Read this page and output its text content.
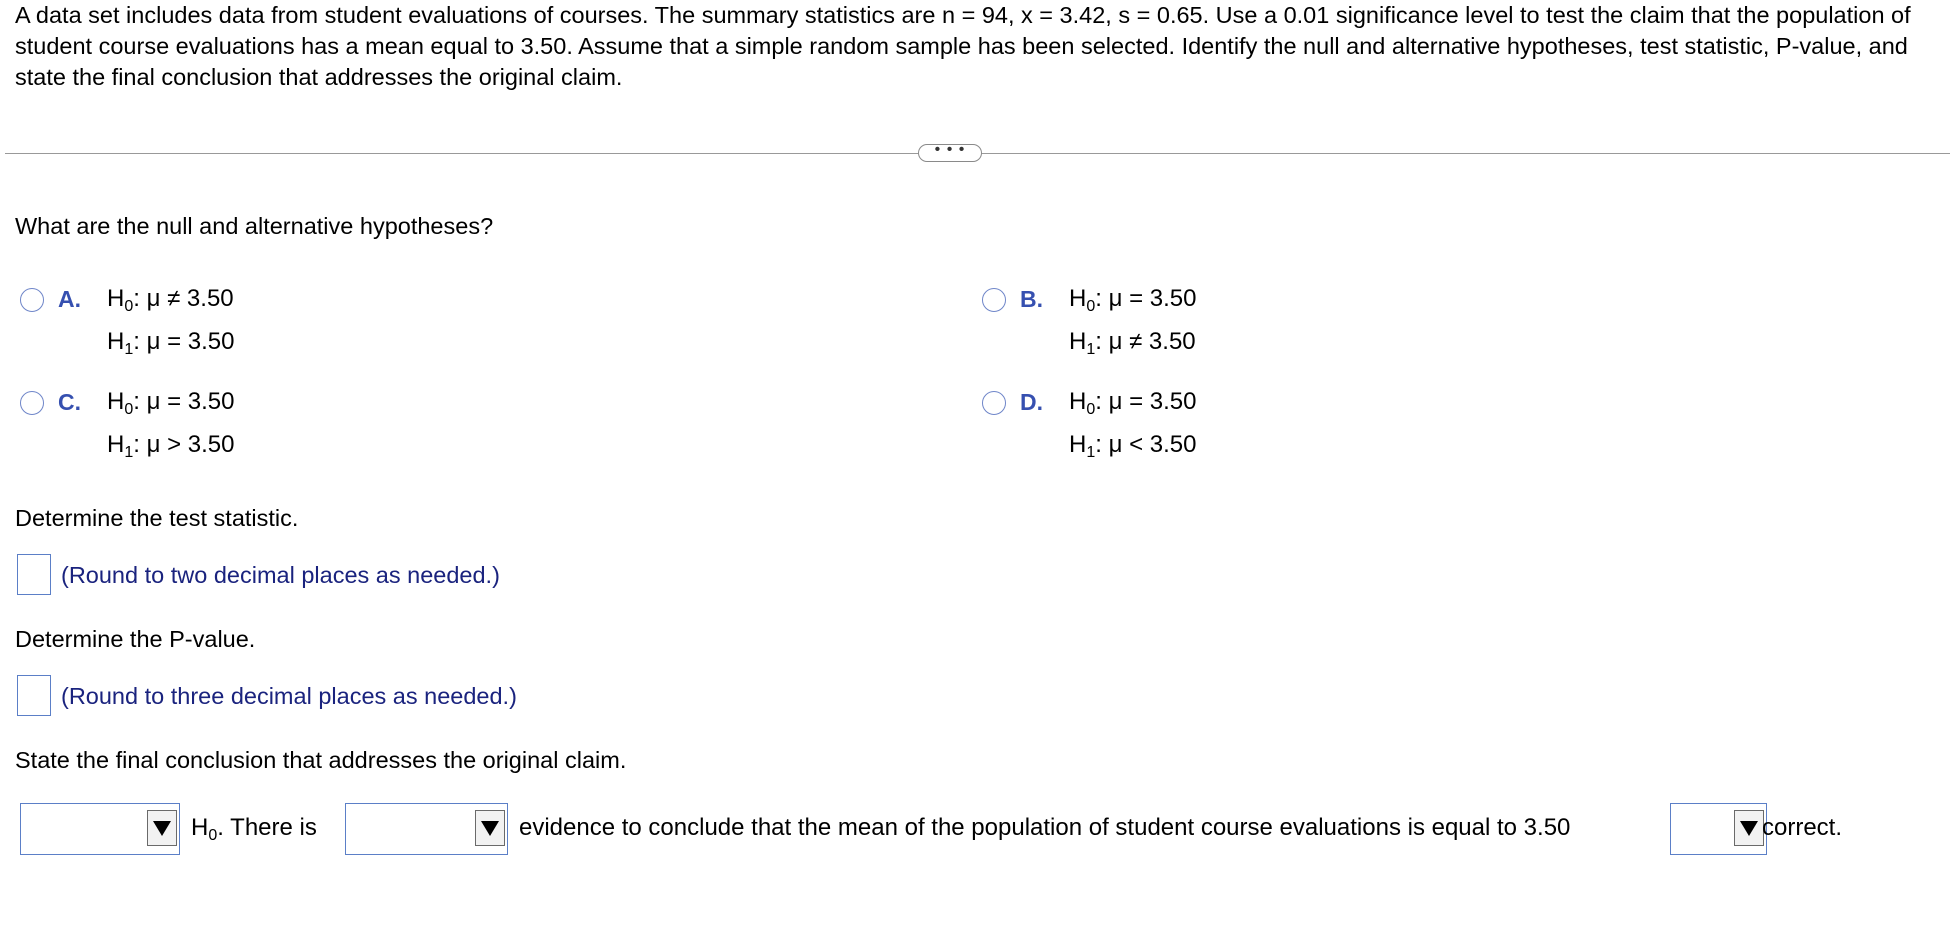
A data set includes data from student evaluations of courses. The summary statistics are n = 94, x = 3.42, s = 0.65. Use a 0.01 significance level to test the claim that the population of student course evaluations has a mean equal to 3.50. Assume that a simple random sample has been selected. Identify the null and alternative hypotheses, test statistic, P-value, and state the final conclusion that addresses the original claim.
• • •
What are the null and alternative hypotheses?
A. $H_0$: μ ≠ 3.50
$H_1$: μ = 3.50
B. $H_0$: μ = 3.50
$H_1$: μ ≠ 3.50
C. $H_0$: μ = 3.50
$H_1$: μ > 3.50
D. $H_0$: μ = 3.50
$H_1$: μ < 3.50
Determine the test statistic.
(Round to two decimal places as needed.)
Determine the P-value.
(Round to three decimal places as needed.)
State the final conclusion that addresses the original claim.
$H_0$. There is	evidence to conclude that the mean of the population of student course evaluations is equal to 3.50	correct.
